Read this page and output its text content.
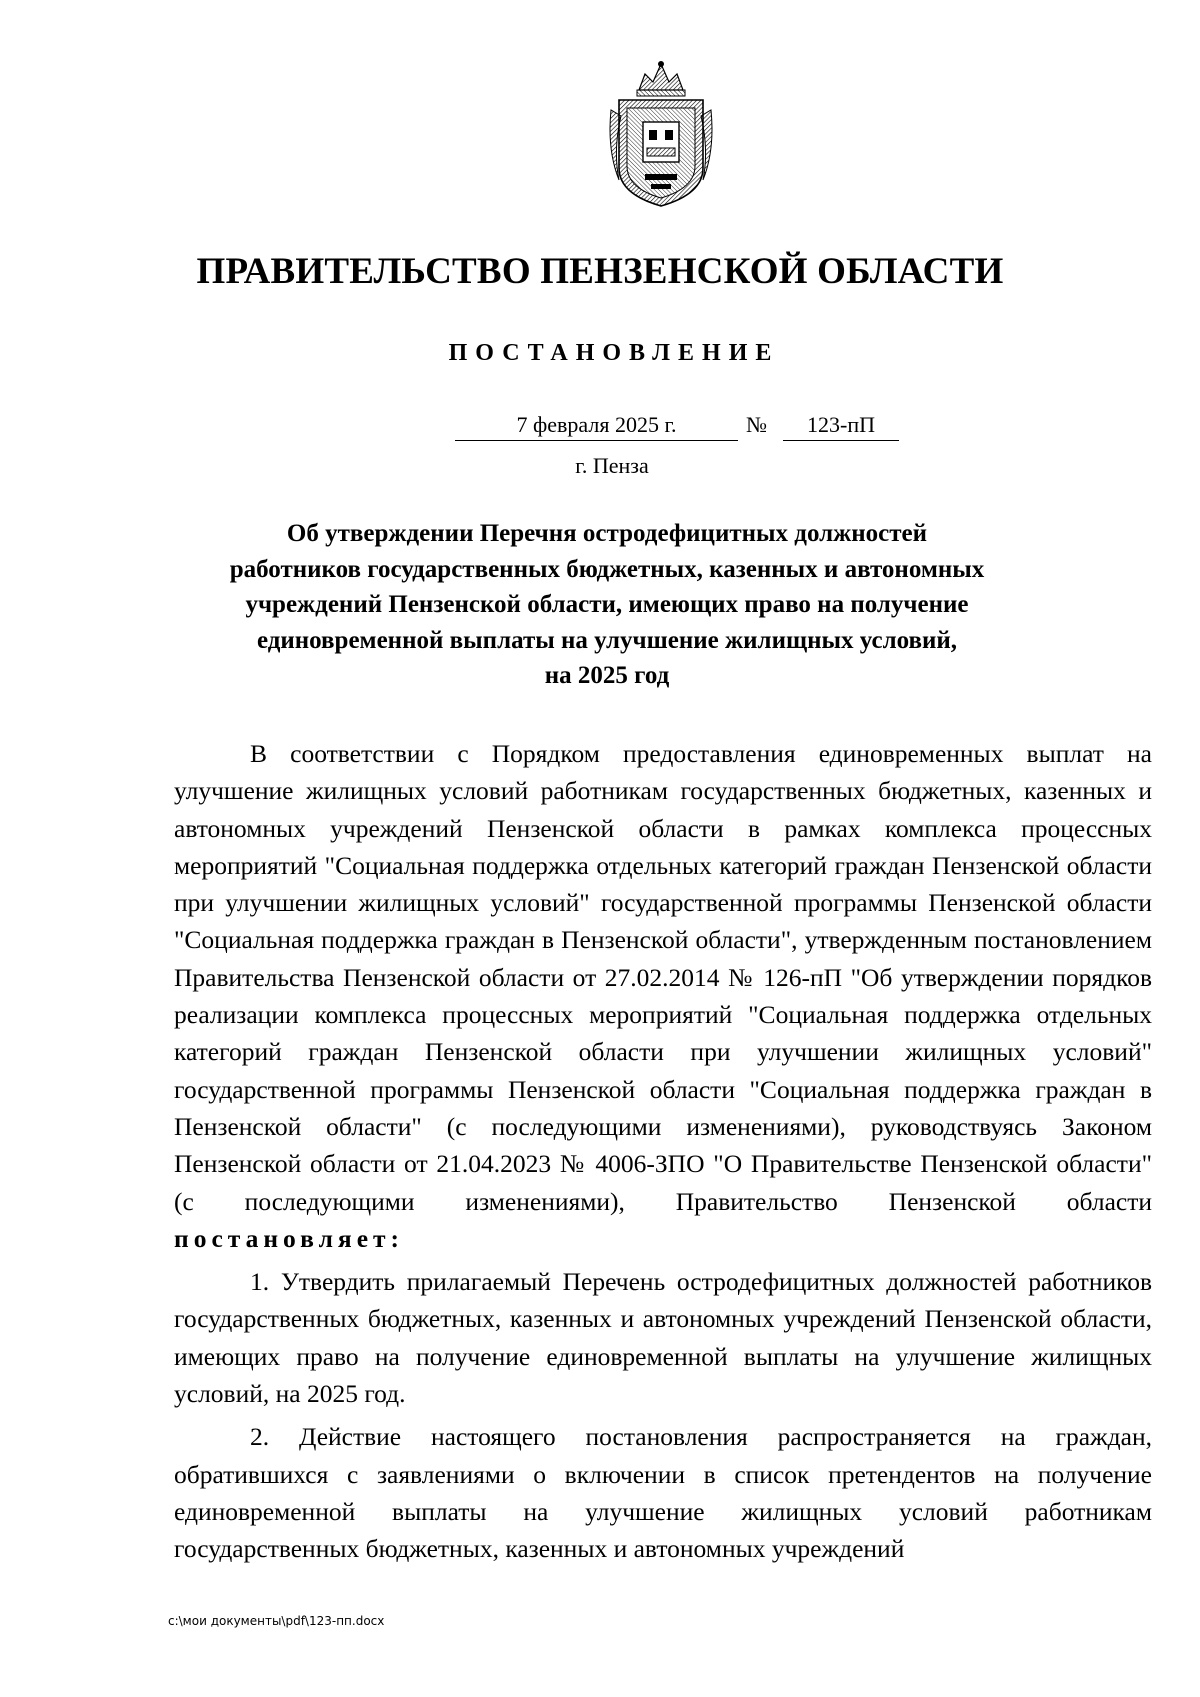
ПРАВИТЕЛЬСТВО ПЕНЗЕНСКОЙ ОБЛАСТИ
ПОСТАНОВЛЕНИЕ
7 февраля 2025 г.	№	123-пП
г. Пенза
Об утверждении Перечня остродефицитных должностей
работников государственных бюджетных, казенных и автономных
учреждений Пензенской области, имеющих право на получение
единовременной выплаты на улучшение жилищных условий,
на 2025 год

В соответствии с Порядком предоставления единовременных выплат на улучшение жилищных условий работникам государственных бюджетных, казенных и автономных учреждений Пензенской области в рамках комплекса процессных мероприятий "Социальная поддержка отдельных категорий граждан Пензенской области при улучшении жилищных условий" государственной программы Пензенской области "Социальная поддержка граждан в Пензенской области", утвержденным постановлением Правительства Пензенской области от 27.02.2014 № 126-пП "Об утверждении порядков реализации комплекса процессных мероприятий "Социальная поддержка отдельных категорий граждан Пензенской области при улучшении жилищных условий" государственной программы Пензенской области "Социальная поддержка граждан в Пензенской области" (с последующими изменениями), руководствуясь Законом Пензенской области от 21.04.2023 № 4006-ЗПО "О Правительстве Пензенской области" (с последующими изменениями), Правительство Пензенской области постановляет:

1. Утвердить прилагаемый Перечень остродефицитных должностей работников государственных бюджетных, казенных и автономных учреждений Пензенской области, имеющих право на получение единовременной выплаты на улучшение жилищных условий, на 2025 год.

2. Действие настоящего постановления распространяется на граждан, обратившихся с заявлениями о включении в список претендентов на получение единовременной выплаты на улучшение жилищных условий работникам государственных бюджетных, казенных и автономных учреждений

c:\мои документы\pdf\123-пп.docx
